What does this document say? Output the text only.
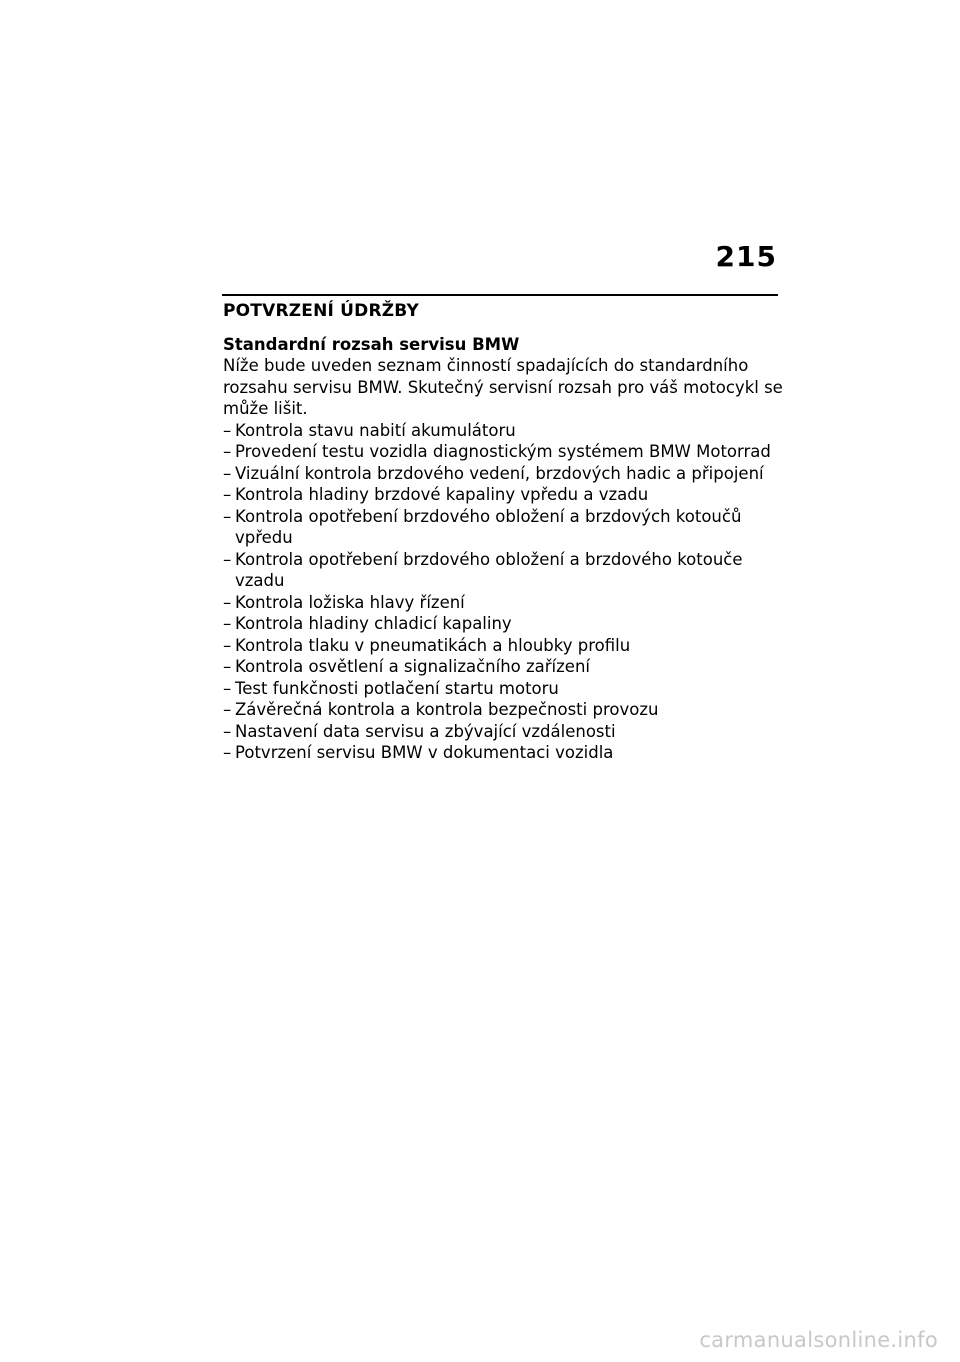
215
POTVRZENÍ ÚDRŽBY
Standardní rozsah servisu BMW

Níže bude uveden seznam činností spadajících do standardního rozsahu servisu BMW. Skutečný servisní rozsah pro váš motocykl se může lišit.

– Kontrola stavu nabití akumulátoru
– Provedení testu vozidla diagnostickým systémem BMW Motorrad
– Vizuální kontrola brzdového vedení, brzdových hadic a připojení
– Kontrola hladiny brzdové kapaliny vpředu a vzadu
– Kontrola opotřebení brzdového obložení a brzdových kotoučů vpředu
– Kontrola opotřebení brzdového obložení a brzdového kotouče vzadu
– Kontrola ložiska hlavy řízení
– Kontrola hladiny chladicí kapaliny
– Kontrola tlaku v pneumatikách a hloubky profilu
– Kontrola osvětlení a signalizačního zařízení
– Test funkčnosti potlačení startu motoru
– Závěrečná kontrola a kontrola bezpečnosti provozu
– Nastavení data servisu a zbývající vzdálenosti
– Potvrzení servisu BMW v dokumentaci vozidla
carmanualsonline.info
